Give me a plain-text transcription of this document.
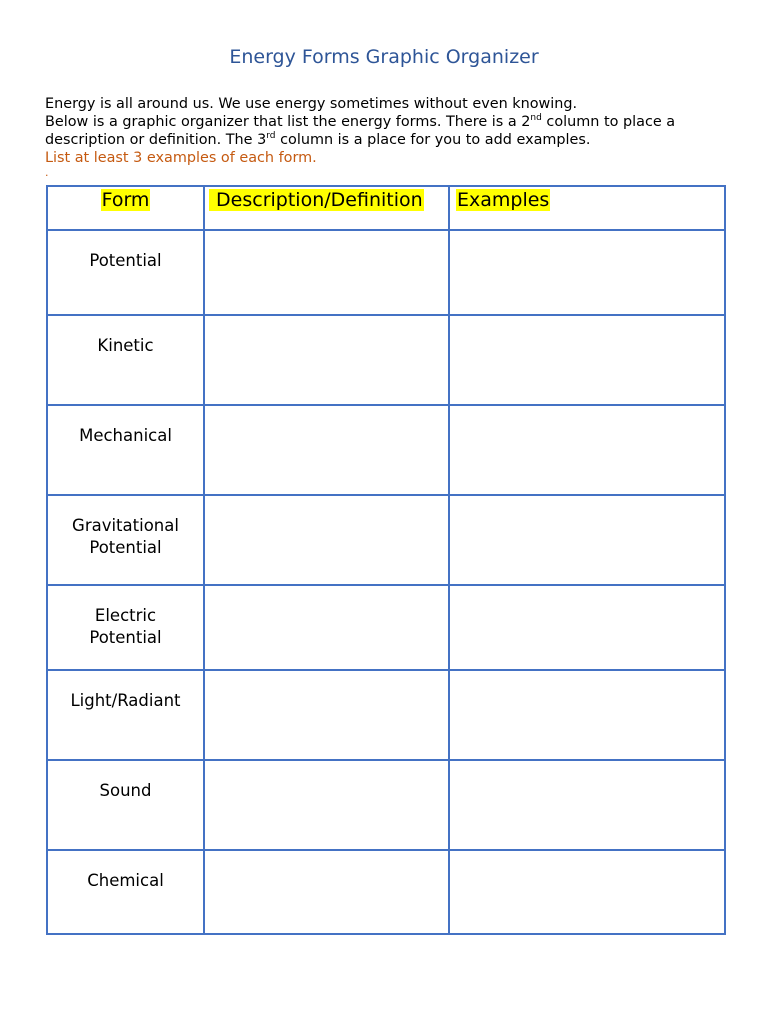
Energy Forms Graphic Organizer

Energy is all around us. We use energy sometimes without even knowing.

Below is a graphic organizer that list the energy forms. There is a 2nd column to place a

description or definition. The 3rd column is a place for you to add examples.

List at least 3 examples of each form.

.

Form	Description/Definition	Examples

Potential		

Kinetic		

Mechanical		

Gravitational Potential		

Electric Potential		

Light/Radiant		

Sound		

Chemical		
